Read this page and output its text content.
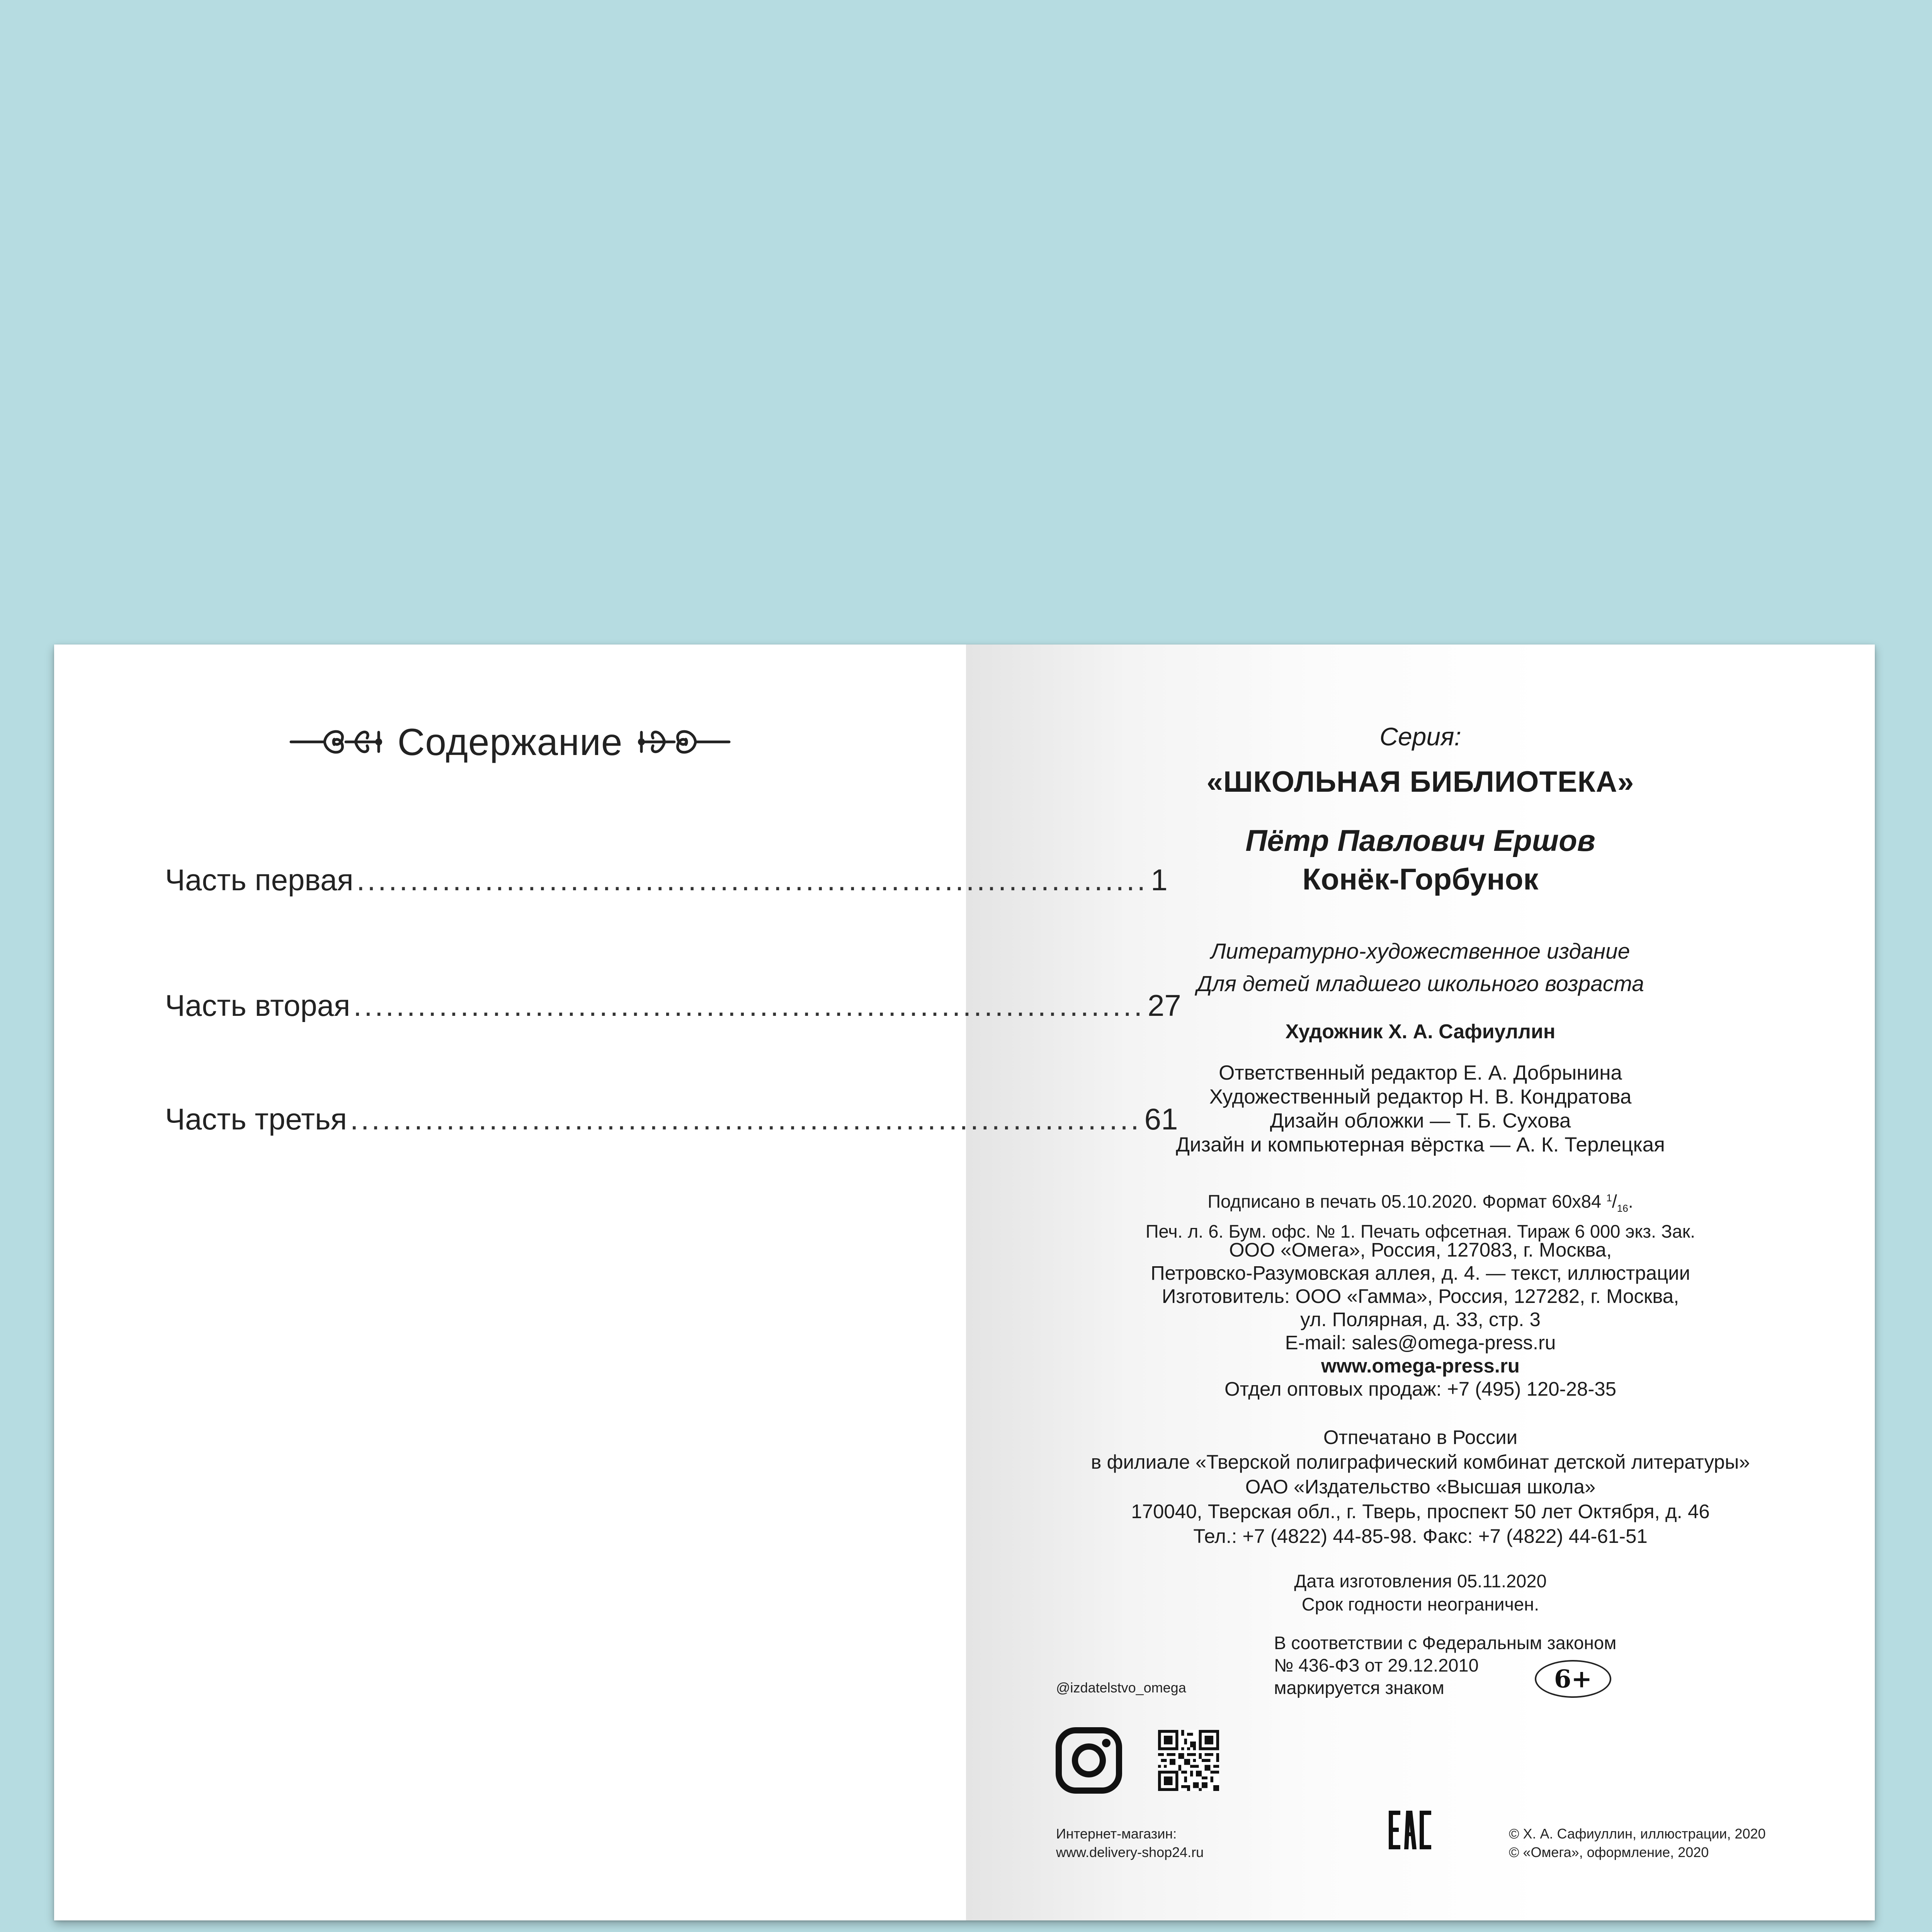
Содержание
Часть первая .......................................................................... 1
Часть вторая .......................................................................... 27
Часть третья .......................................................................... 61
Серия:
«ШКОЛЬНАЯ БИБЛИОТЕКА»
Пётр Павлович Ершов
Конёк-Горбунок
Литературно-художественное издание
Для детей младшего школьного возраста
Художник Х. А. Сафиуллин
Ответственный редактор Е. А. Добрынина
Художественный редактор Н. В. Кондратова
Дизайн обложки — Т. Б. Сухова
Дизайн и компьютерная вёрстка — А. К. Терлецкая
Подписано в печать 05.10.2020. Формат 60x84 $^1/_{16}$.
Печ. л. 6. Бум. офс. № 1. Печать офсетная. Тираж 6 000 экз. Зак.
ООО «Омега», Россия, 127083, г. Москва,
Петровско-Разумовская аллея, д. 4. — текст, иллюстрации
Изготовитель: ООО «Гамма», Россия, 127282, г. Москва,
ул. Полярная, д. 33, стр. 3
E-mail: sales@omega-press.ru
www.omega-press.ru
Отдел оптовых продаж: +7 (495) 120-28-35
Отпечатано в России
в филиале «Тверской полиграфический комбинат детской литературы»
ОАО «Издательство «Высшая школа»
170040, Тверская обл., г. Тверь, проспект 50 лет Октября, д. 46
Тел.: +7 (4822) 44-85-98. Факс: +7 (4822) 44-61-51
Дата изготовления 05.11.2020
Срок годности неограничен.
В соответствии с Федеральным законом
№ 436-ФЗ от 29.12.2010
маркируется знаком	6+
@izdatelstvo_omega
Интернет-магазин:
www.delivery-shop24.ru
© Х. А. Сафиуллин, иллюстрации, 2020
© «Омега», оформление, 2020
